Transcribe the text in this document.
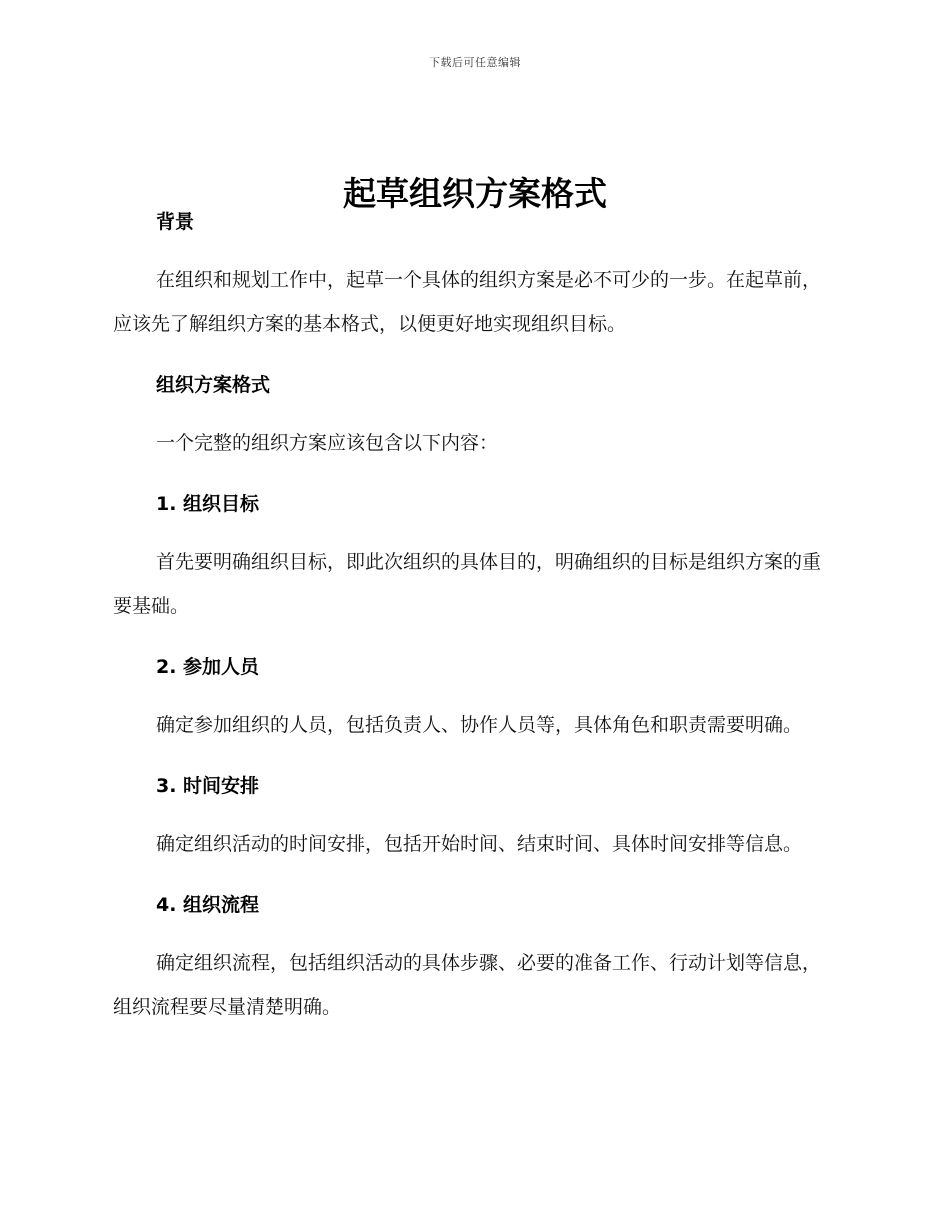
下载后可任意编辑
起草组织方案格式
背景

在组织和规划工作中，起草一个具体的组织方案是必不可少的一步。在起草前，应该先了解组织方案的基本格式，以便更好地实现组织目标。

组织方案格式

一个完整的组织方案应该包含以下内容：

1. 组织目标

首先要明确组织目标，即此次组织的具体目的，明确组织的目标是组织方案的重要基础。

2. 参加人员

确定参加组织的人员，包括负责人、协作人员等，具体角色和职责需要明确。

3. 时间安排

确定组织活动的时间安排，包括开始时间、结束时间、具体时间安排等信息。

4. 组织流程

确定组织流程，包括组织活动的具体步骤、必要的准备工作、行动计划等信息，组织流程要尽量清楚明确。
